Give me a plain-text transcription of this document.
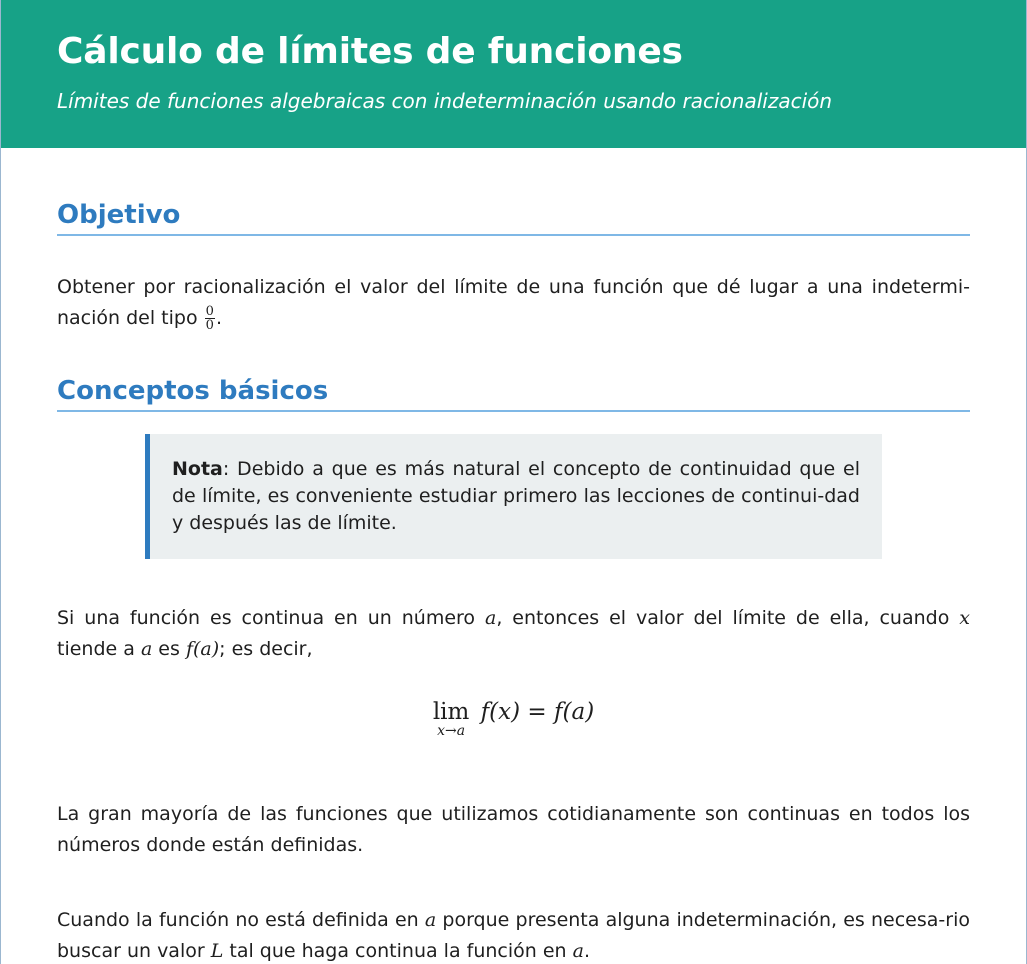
Cálculo de límites de funciones
Límites de funciones algebraicas con indeterminación usando racionalización
Objetivo

Obtener por racionalización el valor del límite de una función que dé lugar a una indetermi-nación del tipo $\frac{0}{0}$ .

Conceptos básicos
Nota: Debido a que es más natural el concepto de continuidad que el de límite, es conveniente estudiar primero las lecciones de continui-dad y después las de límite.

Si una función es continua en un número a, entonces el valor del límite de ella, cuando x tiende a a es f(a); es decir,

lim
x→a
f(x) = f(a)

La gran mayoría de las funciones que utilizamos cotidianamente son continuas en todos los números donde están definidas.

Cuando la función no está definida en a porque presenta alguna indeterminación, es necesa-rio buscar un valor L tal que haga continua la función en a.
